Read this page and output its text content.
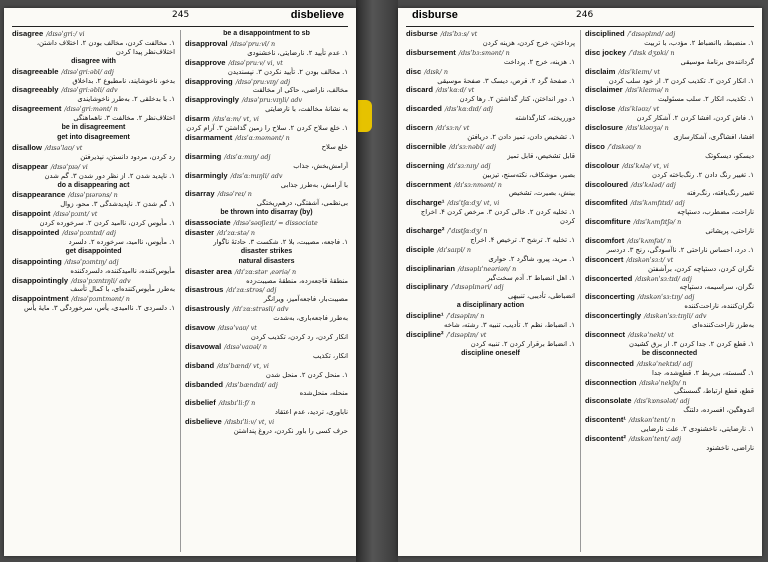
245	disbelieve
disagree /dɪsəˈɡriː/ vi
۱. مخالفت کردن، مخالف بودن ۲. اختلاف داشتن، اختلاف‌نظر پیدا کردن
disagree with
disagreeable /dɪsəˈɡriːəbl/ adj
بدخو، ناخوشایند، نامطبوع ۲. بداخلاق
disagreeably /dɪsəˈɡriːəbli/ adv
۱. با بدخلقی ۲. به‌طرز ناخوشایندی
disagreement /dɪsəˈɡriːmənt/ n
اختلاف‌نظر ۲. مخالفت ۳. ناهماهنگی
be in disagreement
get into disagreement
disallow /dɪsəˈlaʊ/ vt
رد کردن، مردود دانستن، نپذیرفتن
disappear /dɪsəˈpɪə/ vi
۱. ناپدید شدن ۲. از نظر دور شدن ۳. گم شدن
do a disappearing act
disappearance /dɪsəˈpɪərəns/ n
۱. گم شدن ۲. ناپدیدشدگی ۳. محو، زوال
disappoint /dɪsəˈpɔɪnt/ vt
۱. مأیوس کردن، ناامید کردن ۲. سرخورده کردن
disappointed /dɪsəˈpɔɪntɪd/ adj
۱. مأیوس، ناامید، سرخورده ۲. دلسرد
get disappointed
disappointing /dɪsəˈpɔɪntɪŋ/ adj
مأیوس‌کننده، ناامیدکننده، دلسردکننده
disappointingly /dɪsəˈpɔɪntɪŋli/ adv
به‌طرز مأیوس‌کننده‌ای، با کمال تأسف
disappointment /dɪsəˈpɔɪntmənt/ n
۱. دلسردی ۲. ناامیدی، یأس، سرخوردگی ۳. مایهٔ یأس
be a disappointment to sb
disapproval /dɪsəˈpruːvl/ n
۱. عدم تأیید ۲. نارضایتی، ناخشنودی
disapprove /dɪsəˈpruːv/ vi, vt
۱. مخالف بودن ۲. تأیید نکردن ۳. نپسندیدن
disapproving /dɪsəˈpruːvɪŋ/ adj
مخالف، ناراضی، حاکی از مخالفت
disapprovingly /dɪsəˈpruːvɪŋli/ adv
به نشانهٔ مخالفت، با نارضایتی
disarm /dɪsˈɑːm/ vt, vi
۱. خلع سلاح کردن ۲. سلاح را زمین گذاشتن ۳. آرام کردن
disarmament /dɪsˈɑːməmənt/ n
خلع سلاح
disarming /dɪsˈɑːmɪŋ/ adj
آرامش‌بخش، جذاب
disarmingly /dɪsˈɑːmɪŋli/ adv
با آرامش، به‌طرز جذابی
disarray /dɪsəˈreɪ/ n
بی‌نظمی، آشفتگی، درهم‌ریختگی
be thrown into disarray (by)
disassociate /dɪsəˈsəʊʃieɪt/ = dissociate
disaster /dɪˈzɑːstə/ n
۱. فاجعه، مصیبت، بلا ۲. شکست ۳. حادثهٔ ناگوار
disaster strikes
natural disasters
disaster area /dɪˈzɑːstər ˌeəriə/ n
منطقهٔ فاجعه‌زده، منطقهٔ مصیبت‌زده
disastrous /dɪˈzɑːstrəs/ adj
مصیبت‌بار، فاجعه‌آمیز، ویرانگر
disastrously /dɪˈzɑːstrəsli/ adv
به‌طرز فاجعه‌باری، به‌شدت
disavow /dɪsəˈvaʊ/ vt
انکار کردن، رد کردن، تکذیب کردن
disavowal /dɪsəˈvaʊəl/ n
انکار، تکذیب
disband /dɪsˈbænd/ vt, vi
۱. منحل کردن ۲. منحل شدن
disbanded /dɪsˈbændɪd/ adj
منحله، منحل‌شده
disbelief /dɪsbɪˈliːf/ n
ناباوری، تردید، عدم اعتقاد
disbelieve /dɪsbɪˈliːv/ vt, vi
حرف کسی را باور نکردن، دروغ پنداشتن
disburse	246
disburse /dɪsˈbɜːs/ vt
پرداختن، خرج کردن، هزینه کردن
disbursement /dɪsˈbɜːsmənt/ n
۱. هزینه، خرج ۲. پرداخت
disc /dɪsk/ n
۱. صفحهٔ گرد ۲. قرص، دیسک ۳. صفحهٔ موسیقی
discard /dɪsˈkɑːd/ vt
۱. دور انداختن، کنار گذاشتن ۲. رها کردن
discarded /dɪsˈkɑːdɪd/ adj
دورریخته، کنارگذاشته
discern /dɪˈsɜːn/ vt
۱. تشخیص دادن، تمیز دادن ۲. دریافتن
discernible /dɪˈsɜːnəbl/ adj
قابل تشخیص، قابل تمیز
discerning /dɪˈsɜːnɪŋ/ adj
بصیر، موشکاف، نکته‌سنج، تیزبین
discernment /dɪˈsɜːnmənt/ n
بینش، بصیرت، تشخیص
discharge¹ /dɪsˈtʃɑːdʒ/ vt, vi
۱. تخلیه کردن ۲. خالی کردن ۳. مرخص کردن ۴. اخراج کردن
discharge² /ˈdɪstʃɑːdʒ/ n
۱. تخلیه ۲. ترشح ۳. ترخیص ۴. اخراج
disciple /dɪˈsaɪpl/ n
۱. مرید، پیرو، شاگرد ۲. حواری
disciplinarian /dɪsəplɪˈneəriən/ n
۱. اهل انضباط ۲. آدم سخت‌گیر
disciplinary /ˈdɪsəplɪnəri/ adj
انضباطی، تأدیبی، تنبیهی
a disciplinary action
discipline¹ /ˈdɪsəplɪn/ n
۱. انضباط، نظم ۲. تأدیب، تنبیه ۳. رشته، شاخه
discipline² /ˈdɪsəplɪn/ vt
۱. انضباط برقرار کردن ۲. تنبیه کردن
discipline oneself
disciplined /ˈdɪsəplɪnd/ adj
۱. منضبط، باانضباط ۲. مؤدب، با تربیت
disc jockey /ˈdɪsk dʒɒki/ n
گرداننده‌ی برنامهٔ موسیقی
disclaim /dɪsˈkleɪm/ vt
۱. انکار کردن ۲. تکذیب کردن ۳. از خود سلب کردن
disclaimer /dɪsˈkleɪmə/ n
۱. تکذیب، انکار ۲. سلب مسئولیت
disclose /dɪsˈkləʊz/ vt
۱. فاش کردن، افشا کردن ۲. آشکار کردن
disclosure /dɪsˈkləʊʒə/ n
افشا، افشاگری، آشکارسازی
disco /ˈdɪskəʊ/ n
دیسکو، دیسکوتک
discolour /dɪsˈkʌlə/ vt, vi
۱. تغییر رنگ دادن ۲. رنگ‌باخته کردن
discoloured /dɪsˈkʌləd/ adj
تغییر رنگ‌یافته، رنگ‌رفته
discomfited /dɪsˈkʌmfɪtɪd/ adj
ناراحت، مضطرب، دستپاچه
discomfiture /dɪsˈkʌmfɪtʃə/ n
ناراحتی، پریشانی
discomfort /dɪsˈkʌmfət/ n
۱. درد، احساس ناراحتی ۲. ناآسودگی، رنج ۳. دردسر
disconcert /dɪskənˈsɜːt/ vt
نگران کردن، دستپاچه کردن، برآشفتن
disconcerted /dɪskənˈsɜːtɪd/ adj
نگران، سراسیمه، دستپاچه
disconcerting /dɪskənˈsɜːtɪŋ/ adj
نگران‌کننده، ناراحت‌کننده
disconcertingly /dɪskənˈsɜːtɪŋli/ adv
به‌طرز ناراحت‌کننده‌ای
disconnect /dɪskəˈnekt/ vt
۱. قطع کردن ۲. جدا کردن ۳. از برق کشیدن
be disconnected
disconnected /dɪskəˈnektɪd/ adj
۱. گسسته، بی‌ربط ۲. قطع‌شده، جدا
disconnection /dɪskəˈnekʃn/ n
قطع، قطع ارتباط، گسستگی
disconsolate /dɪsˈkɒnsələt/ adj
اندوهگین، افسرده، دلتنگ
discontent¹ /dɪskənˈtent/ n
۱. نارضایتی، ناخشنودی ۲. علت نارضایی
discontent² /dɪskənˈtent/ adj
ناراضی، ناخشنود
